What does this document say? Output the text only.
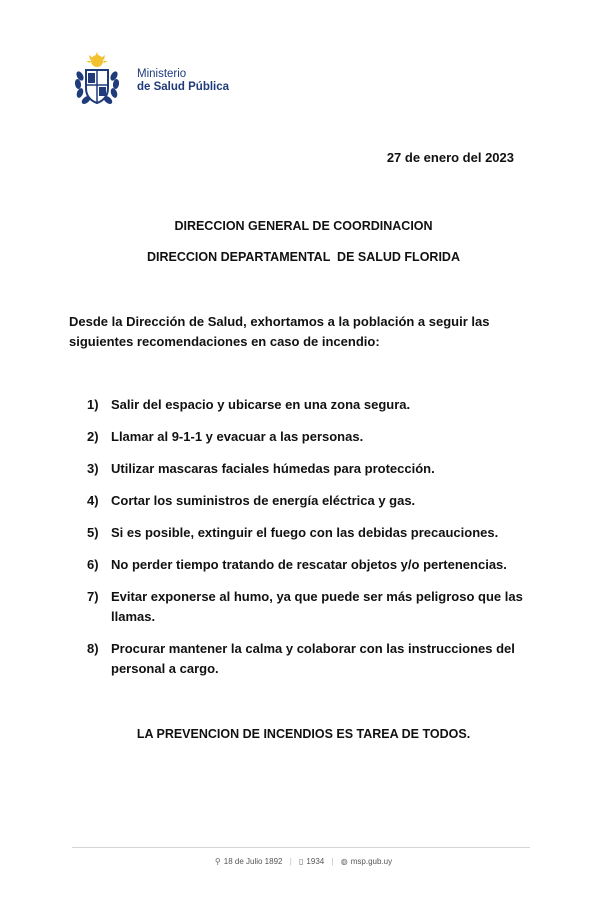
Ministerio
de Salud Pública
27 de enero del 2023
DIRECCION GENERAL DE COORDINACION
DIRECCION DEPARTAMENTAL  DE SALUD FLORIDA
Desde la Dirección de Salud, exhortamos a la población a seguir las siguientes recomendaciones en caso de incendio:
1) Salir del espacio y ubicarse en una zona segura.
2) Llamar al 9-1-1 y evacuar a las personas.
3) Utilizar mascaras faciales húmedas para protección.
4) Cortar los suministros de energía eléctrica y gas.
5) Si es posible, extinguir el fuego con las debidas precauciones.
6) No perder tiempo tratando de rescatar objetos y/o pertenencias.
7) Evitar exponerse al humo, ya que puede ser más peligroso que las llamas.
8) Procurar mantener la calma y colaborar con las instrucciones del personal a cargo.
LA PREVENCION DE INCENDIOS ES TAREA DE TODOS.
⚲ 18 de Julio 1892 | ▯ 1934 | ◍ msp.gub.uy
